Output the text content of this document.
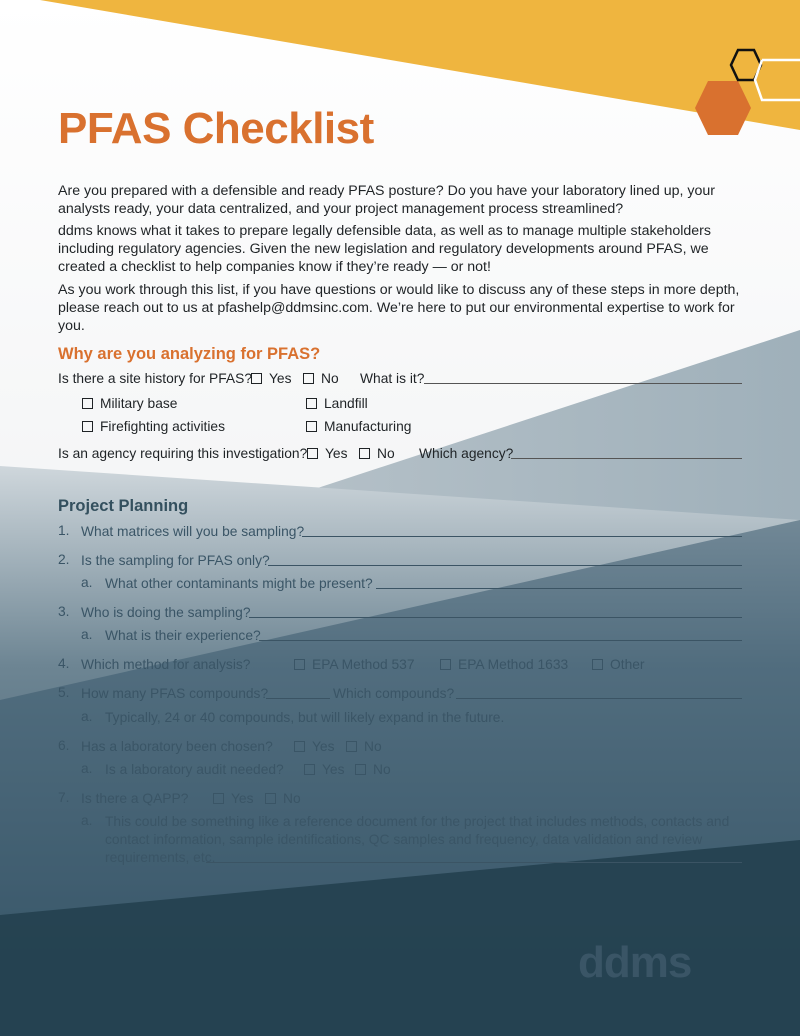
PFAS Checklist
Are you prepared with a defensible and ready PFAS posture? Do you have your laboratory lined up, your analysts ready, your data centralized, and your project management process streamlined?
ddms knows what it takes to prepare legally defensible data, as well as to manage multiple stakeholders including regulatory agencies. Given the new legislation and regulatory developments around PFAS, we created a checklist to help companies know if they’re ready — or not!
As you work through this list, if you have questions or would like to discuss any of these steps in more depth, please reach out to us at pfashelp@ddmsinc.com. We’re here to put our environmental expertise to work for you.
Why are you analyzing for PFAS?
Is there a site history for PFAS?	Yes	No What is it?
Military base	Landfill
Firefighting activities	Manufacturing
Is an agency requiring this investigation?	Yes	No Which agency?
Project Planning
1. What matrices will you be sampling?
2. Is the sampling for PFAS only?
a. What other contaminants might be present?
3. Who is doing the sampling?
a. What is their experience?
4. Which method for analysis?	EPA Method 537	EPA Method 1633	Other
5. How many PFAS compounds?	Which compounds?
a. Typically, 24 or 40 compounds, but will likely expand in the future.
6. Has a laboratory been chosen?	Yes	No
a. Is a laboratory audit needed?	Yes	No
7. Is there a QAPP?	Yes	No
a. This could be something like a reference document for the project that includes methods, contacts and
contact information, sample identifications, QC samples and frequency, data validation and review
requirements, etc.
ddms
